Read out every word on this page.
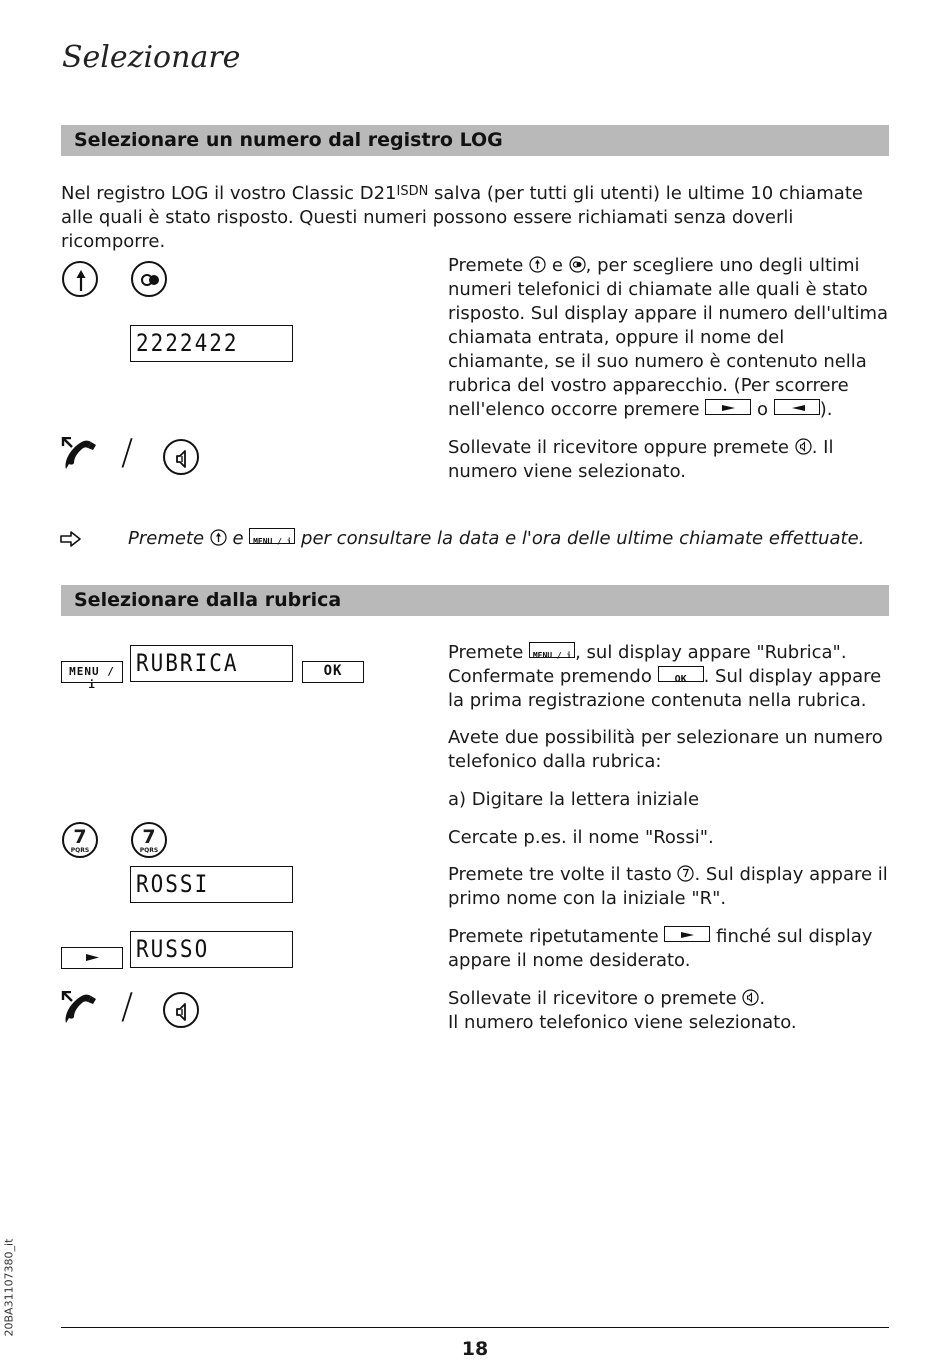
Selezionare
Selezionare un numero dal registro LOG
Nel registro LOG il vostro Classic $D21^{ISDN}$ salva (per tutti gli utenti) le ultime 10 chiamate alle quali è stato risposto. Questi numeri possono essere richiamati senza doverli ricomporre.
2222422
/
Premete
e
, per scegliere uno degli ultimi numeri telefonici di chiamate alle quali è stato risposto. Sul display appare il numero dell'ultima chiamata entrata, oppure il nome del chiamante, se il suo numero è contenuto nella rubrica del vostro apparecchio. (Per scorrere nell'elenco occorre premere	o	).
Sollevate il ricevitore oppure premete
. Il numero viene selezionato.
Premete
e MENU / i per consultare la data e l'ora delle ultime chiamate effettuate.
Selezionare dalla rubrica
MENU / i
RUBRICA	OK
7
PQRS
7
PQRS
ROSSI
RUSSO
/
Premete MENU / i , sul display appare "Rubrica". Confermate premendo	OK . Sul display appare la prima registrazione contenuta nella rubrica.
Avete due possibilità per selezionare un numero telefonico dalla rubrica:
a) Digitare la lettera iniziale
Cercate p.es. il nome "Rossi".
Premete tre volte il tasto
. Sul display appare il primo nome con la iniziale "R".
Premete ripetutamente	finché sul display appare il nome desiderato.
Sollevate il ricevitore o premete
.
Il numero telefonico viene selezionato.
20BA31107380_it
18
